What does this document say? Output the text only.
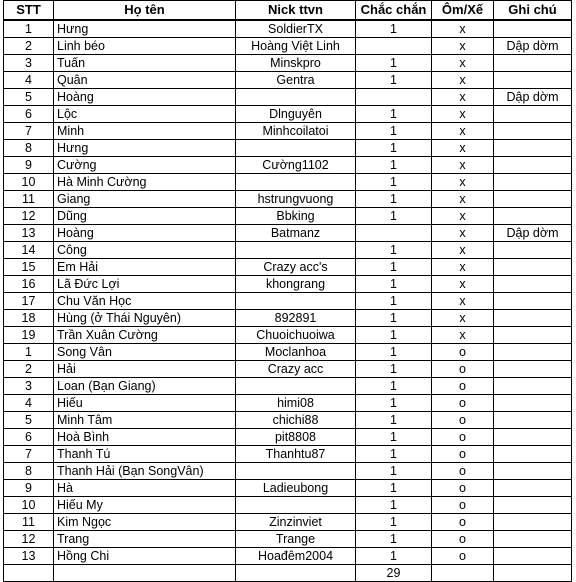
STT	Họ tên	Nick ttvn	Chắc chắn	Ôm/Xế	Ghi chú
1	Hưng	SoldierTX	1	x	
2	Linh béo	Hoàng Việt Linh		x	Dập dờm
3	Tuấn	Minskpro	1	x	
4	Quân	Gentra	1	x	
5	Hoàng			x	Dập dờm
6	Lộc	Dlnguyên	1	x	
7	Minh	Minhcoilatoi	1	x	
8	Hưng		1	x	
9	Cường	Cường1102	1	x	
10	Hà Minh Cường		1	x	
11	Giang	hstrungvuong	1	x	
12	Dũng	Bbking	1	x	
13	Hoàng	Batmanz		x	Dập dờm
14	Công		1	x	
15	Em Hải	Crazy acc's	1	x	
16	Lã Đức Lợi	khongrang	1	x	
17	Chu Văn Học		1	x	
18	Hùng (ở Thái Nguyên)	892891	1	x	
19	Trần Xuân Cường	Chuoichuoiwa	1	x	
1	Song Vân	Moclanhoa	1	o	
2	Hải	Crazy acc	1	o	
3	Loan (Bạn Giang)		1	o	
4	Hiếu	himi08	1	o	
5	Minh Tâm	chichi88	1	o	
6	Hoà Bình	pit8808	1	o	
7	Thanh Tú	Thanhtu87	1	o	
8	Thanh Hải (Bạn SongVân)		1	o	
9	Hà	Ladieubong	1	o	
10	Hiếu My		1	o	
11	Kim Ngọc	Zinzinviet	1	o	
12	Trang	Trange	1	o	
13	Hồng Chi	Hoađêm2004	1	o	
			29		
